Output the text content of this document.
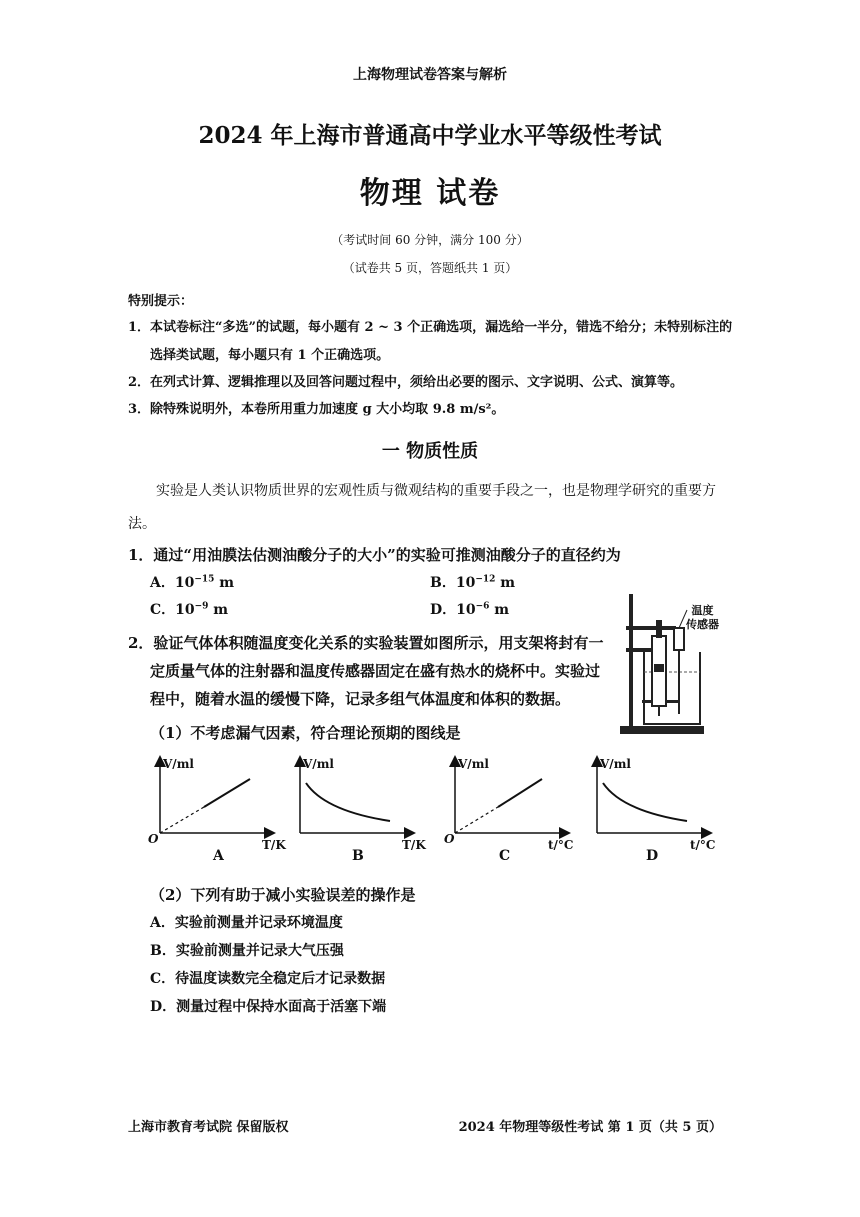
上海物理试卷答案与解析
2024 年上海市普通高中学业水平等级性考试
物理 试卷
（考试时间 60 分钟，满分 100 分）
（试卷共 5 页，答题纸共 1 页）
特别提示：
1．本试卷标注“多选”的试题，每小题有 2 ~ 3 个正确选项，漏选给一半分，错选不给分；未特别标注的
选择类试题，每小题只有 1 个正确选项。
2．在列式计算、逻辑推理以及回答问题过程中，须给出必要的图示、文字说明、公式、演算等。
3．除特殊说明外，本卷所用重力加速度 g 大小均取 9.8 m/s²。
一 物质性质
实验是人类认识物质世界的宏观性质与微观结构的重要手段之一，也是物理学研究的重要方法。
1．通过“用油膜法估测油酸分子的大小”的实验可推测油酸分子的直径约为
A．$10^{-15}$ m	B．$10^{-12}$ m
C．$10^{-9}$ m	D．$10^{-6}$ m
2．验证气体体积随温度变化关系的实验装置如图所示，用支架将封有一
定质量气体的注射器和温度传感器固定在盛有热水的烧杯中。实验过
程中，随着水温的缓慢下降，记录多组气体温度和体积的数据。
（1）不考虑漏气因素，符合理论预期的图线是
温度
传感器
V/ml
T/K
O
A
V/ml
T/K
B
V/ml
t/°C
O
C
V/ml
t/°C
D
（2）下列有助于减小实验误差的操作是
A．实验前测量并记录环境温度
B．实验前测量并记录大气压强
C．待温度读数完全稳定后才记录数据
D．测量过程中保持水面高于活塞下端
上海市教育考试院 保留版权	2024 年物理等级性考试 第 1 页（共 5 页）
